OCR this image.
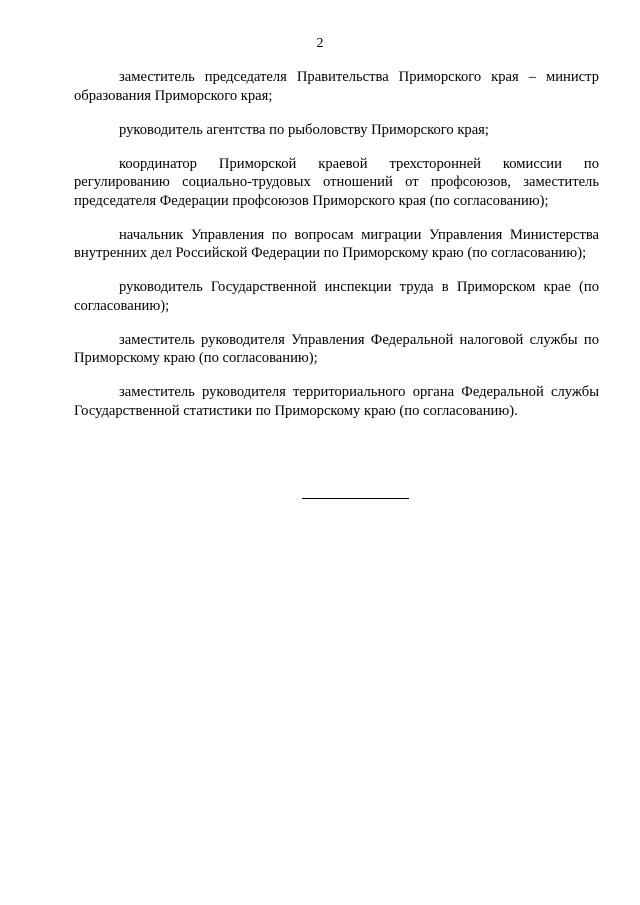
2

заместитель председателя Правительства Приморского края – министр образования Приморского края;

руководитель агентства по рыболовству Приморского края;

координатор Приморской краевой трехсторонней комиссии по регулированию социально-трудовых отношений от профсоюзов, заместитель председателя Федерации профсоюзов Приморского края (по согласованию);

начальник Управления по вопросам миграции Управления Министерства внутренних дел Российской Федерации по Приморскому краю (по согласованию);

руководитель Государственной инспекции труда в Приморском крае (по согласованию);

заместитель руководителя Управления Федеральной налоговой службы по Приморскому краю (по согласованию);

заместитель руководителя территориального органа Федеральной службы Государственной статистики по Приморскому краю (по согласованию).
